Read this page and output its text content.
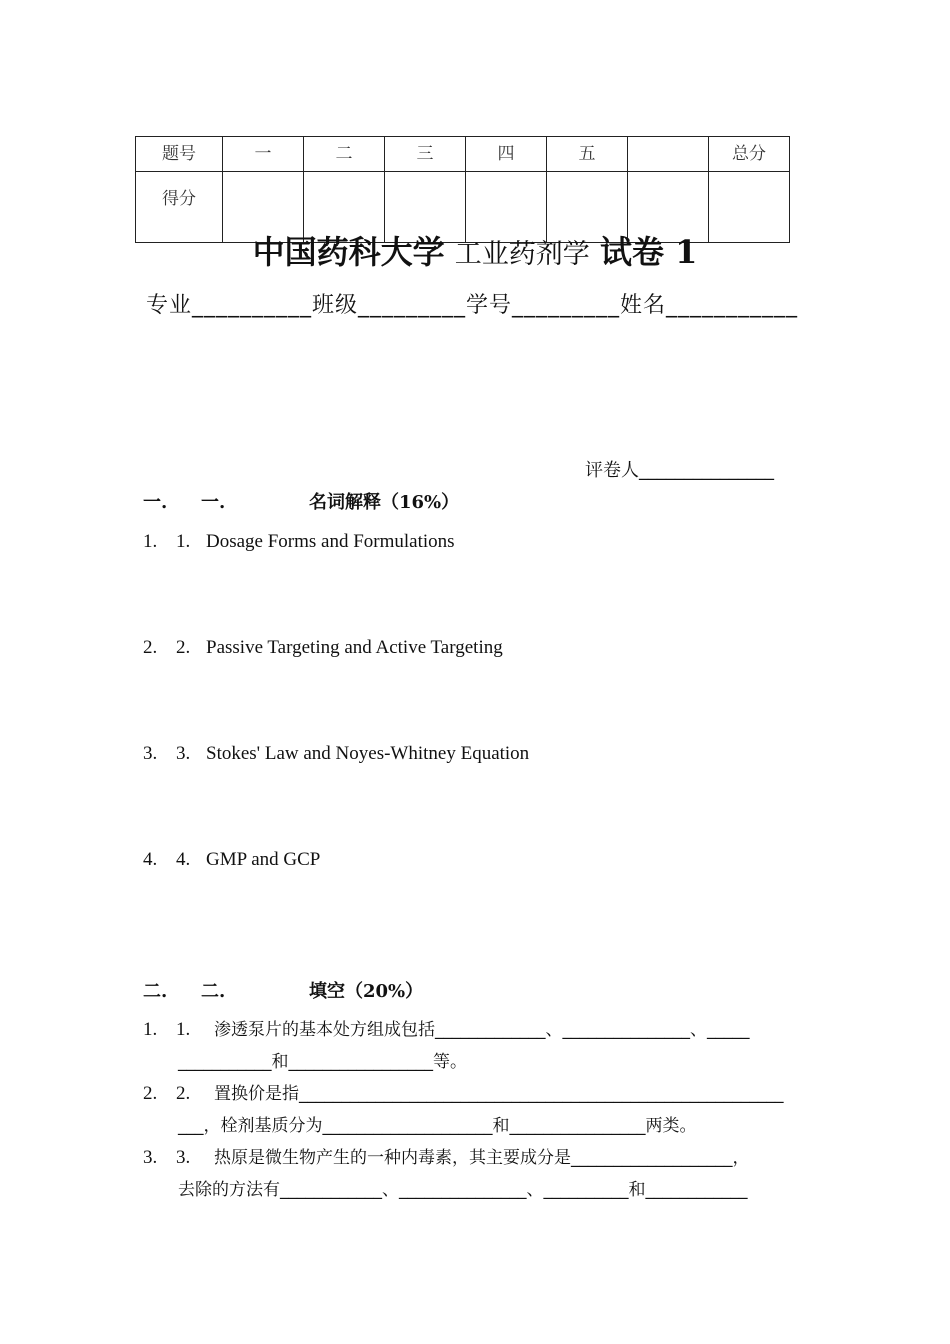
题号	一	二	三	四	五		总分
得分							
中国药科大学 工业药剂学 试卷 1
专业__________班级_________学号_________姓名___________
评卷人_______________
一. 一.	名词解释（16%）
1. 1. Dosage Forms and Formulations
2. 2. Passive Targeting and Active Targeting
3. 3. Stokes' Law and Noyes-Whitney Equation
4. 4. GMP and GCP
二. 二.	填空（20%）
1. 1. 渗透泵片的基本处方组成包括_____________、_______________、_____
___________和_________________等。
2. 2. 置换价是指_________________________________________________________
___，栓剂基质分为____________________和________________两类。
3. 3. 热原是微生物产生的一种内毒素，其主要成分是___________________，
去除的方法有____________、_______________、__________和____________
